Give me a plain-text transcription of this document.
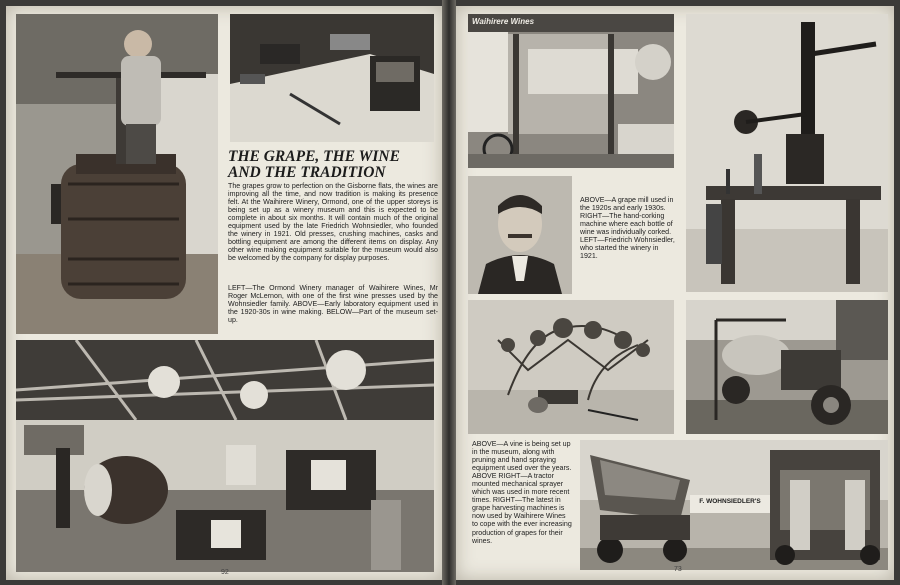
THE GRAPE, THE WINE
AND THE TRADITION

The grapes grow to perfection on the Gisborne flats, the wines are improving all the time, and now tradition is making its presence felt. At the Waihirere Winery, Ormond, one of the upper storeys is being set up as a winery museum and this is expected to be complete in about six months. It will contain much of the original equipment used by the late Friedrich Wohnsiedler, who founded the winery in 1921. Old presses, crushing machines, casks and bottling equipment are among the different items on display. Any other wine making equipment suitable for the museum would also be welcomed by the company for display purposes.

LEFT—The Ormond Winery manager of Waihirere Wines, Mr Roger McLernon, with one of the first wine presses used by the Wohnsiedler family. ABOVE—Early laboratory equipment used in the 1920-30s in wine making. BELOW—Part of the museum set-up.

92
Waihirere Wines

ABOVE—A grape mill used in the 1920s and early 1930s. RIGHT—The hand-corking machine where each bottle of wine was individually corked. LEFT—Friedrich Wohnsiedler, who started the winery in 1921.

ABOVE—A vine is being set up in the museum, along with pruning and hand spraying equipment used over the years. ABOVE RIGHT—A tractor mounted mechanical sprayer which was used in more recent times. RIGHT—The latest in grape harvesting machines is now used by Waihirere Wines to cope with the ever increasing production of grapes for their wines.

F. WOHNSIEDLER'S
73
